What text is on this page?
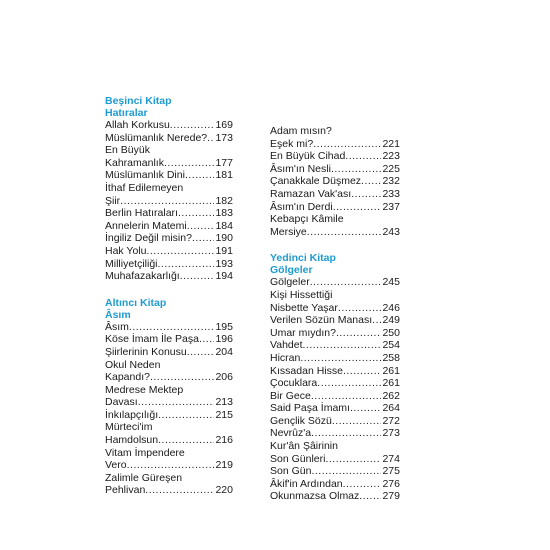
Beşinci Kitap
Hatıralar
Allah Korkusu .....	169
Müslümanlık Nerede? ..... 173
En Büyük
Kahramanlık .....	177
Müslümanlık Dini .....	181
İthaf Edilemeyen
Şiir .....	182
Berlin Hatıraları .....	183
Annelerin Matemi .....	184
İngiliz Değil misin? ..... 190
Hak Yolu .....	191
Milliyetçiliği .....	193
Muhafazakarlığı .....	194
Altıncı Kitap
Âsım
Âsım .....	195
Köse İmam İle Paşa ..... 196
Şiirlerinin Konusu .....	204
Okul Neden
Kapandı? .....	206
Medrese Mektep
Davası .....	213
İnkılapçılığı .....	215
Mürteci'im
Hamdolsun .....	216
Vitam İmpendere
Vero .....	219
Zalimle Güreşen
Pehlivan .....	220
Adam mısın?
Eşek mi? .....	221
En Büyük Cihad .....	223
Âsım'ın Nesli .....	225
Çanakkale Düşmez ..... 232
Ramazan Vak'ası .....	233
Âsım'ın Derdi .....	237
Kebapçı Kâmile
Mersiye .....	243
Yedinci Kitap
Gölgeler
Gölgeler .....	245
Kişi Hissettiği
Nisbette Yaşar .....	246
Verilen Sözün Manası ..... 249
Umar mıydın? .....	250
Vahdet .....	254
Hicran .....	258
Kıssadan Hisse .....	261
Çocuklara .....	261
Bir Gece .....	262
Said Paşa İmamı .....	264
Gençlik Sözü .....	272
Nevrûz'a .....	273
Kur'ân Şâirinin
Son Günleri .....	274
Son Gün .....	275
Âkif'in Ardından .....	276
Okunmazsa Olmaz ..... 279
